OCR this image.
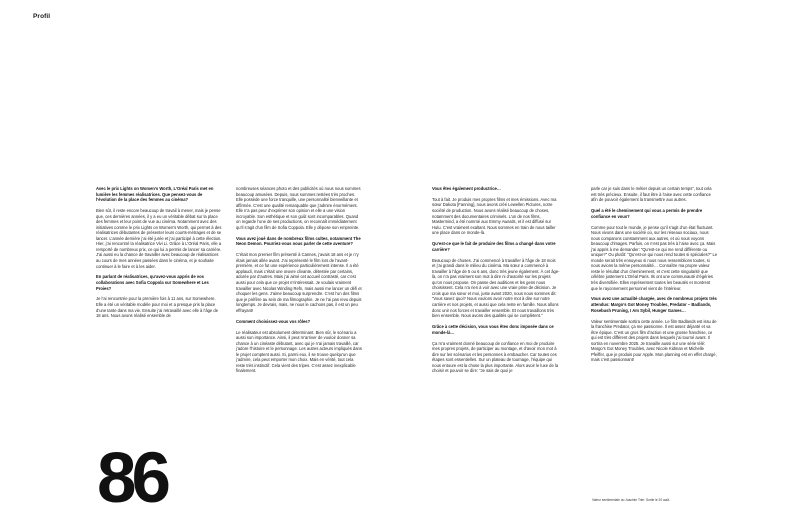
Profil

Avec le prix Lights on Women’s Worth, L’Oréal Paris met en lumière les femmes réalisatrices. Que pensez-vous de l’évolution de la place des femmes au cinéma?

Bien sûr, il reste encore beaucoup de travail à mener, mais je pense que, ces dernières années, il y a eu un véritable débat sur la place des femmes et leur point de vue au cinéma. Notamment avec des initiatives comme le prix Lights on Women’s Worth, qui permet à des réalisatrices débutantes de présenter leurs courts-métrages et de se lancer. L’année dernière j’ai été jurée et j’ai participé à cette élection. Hier, j’ai rencontré la réalisatrice Vivi Li. Grâce à L’Oréal Paris, elle a remporté de nombreux prix, ce qui lui a permis de lancer sa carrière. J’ai aussi eu la chance de travailler avec beaucoup de réalisatrices au cours de mes années passées dans le cinéma, et je souhaite continuer à le faire et à les aider.

En parlant de réalisatrices, qu’avez-vous appris de vos collaborations avec Sofia Coppola sur Somewhere et Les Proies?

Je l’ai rencontrée pour la première fois à 11 ans, sur Somewhere. Elle a été un véritable modèle pour moi et a presque pris la place d’une tante dans ma vie. Ensuite j’ai retravaillé avec elle à l’âge de 18 ans. Nous avons réalisé ensemble de

nombreuses séances photo et des publicités où nous nous sommes beaucoup amusées. Depuis, nous sommes restées très proches. Elle possède une force tranquille, une personnalité bienveillante et affirmée. C’est une qualité remarquable que j’admire énormément. Elle n’a pas peur d’exprimer son opinion et elle a une vision incroyable. Son esthétique et son goût sont incomparables. Quand on regarde l’une de ses productions, on reconnaît immédiatement qu’il s’agit d’un film de Sofia Coppola. Elle y dépose son empreinte.

Vous avez joué dans de nombreux films cultes, notamment The Neon Demon. Pourriez-vous nous parler de cette aventure?

C’était mon premier film présenté à Cannes, j’avais 18 ans et je n’y étais jamais allée avant. J’ai représenté le film lors de l’avant-première, et ce fut une expérience particulièrement intense. Il a été applaudi, mais c’était une œuvre clivante, détestée par certains, adorée par d’autres. Mais j’ai aimé cet accueil contrasté, car c’est aussi pour cela que ce projet m’intéressait. Je voulais vraiment travailler avec Nicolas Winding Refn, mais aussi me lancer un défi et choquer les gens. J’aime beaucoup surprendre. C’est l’un des films que je préfère au sein de ma filmographie. Je ne l’ai pas revu depuis longtemps. Je devrais, mais, ne nous le cachons pas, il est un peu effrayant!

Comment choisissez-vous vos rôles?

Le réalisateur est absolument déterminant. Bien sûr, le scénario a aussi son importance. Ainsi, il peut m’arriver de vouloir donner sa chance à un cinéaste débutant, avec qui je n’ai jamais travaillé, car j’adore l’histoire et le personnage. Les autres acteurs impliqués dans le projet comptent aussi. Si, parmi eux, il se trouve quelqu’un que j’admire, cela peut emporter mon choix. Mais en vérité, tout cela reste très instinctif. Cela vient des tripes. C’est assez inexplicable finalement.

Vous êtes également productrice…

Tout à fait. Je produis mes propres films et mes émissions. Avec ma sœur Dakota [Fanning], nous avons créé Lewellen Pictures, notre société de production. Nous avons réalisé beaucoup de choses, notamment des documentaires criminels. L’un de nos films, Mastermind, a été nommé aux Emmy Awards, et il est diffusé sur Hulu. C’est vraiment exaltant. Nous sommes en train de nous tailler une place dans ce monde-là.

Qu’est-ce que le fait de produire des films a changé dans votre carrière?

Beaucoup de choses. J’ai commencé à travailler à l’âge de 18 mois et j’ai grandi dans le milieu du cinéma. Ma sœur a commencé à travailler à l’âge de 5 ou 6 ans, donc très jeune également. À cet âge-là, on n’a pas vraiment son mot à dire ni d’autorité sur les projets qu’on nous propose. On passe des auditions et les gens nous choisissent. Cela n’a rien à voir avec une vraie prise de décision. Je crois que ma sœur et moi, juste avant 2020, nous nous sommes dit: “Vous savez quoi? Nous voulons avoir notre mot à dire sur notre carrière et nos projets, et aussi que cela reste en famille. Nous allons donc unir nos forces et travailler ensemble. Et nous travaillons très bien ensemble. Nous avons des qualités qui se complètent.”

Grâce à cette décision, vous vous êtes donc imposée dans ce monde-là…

Ça m’a vraiment donné beaucoup de confiance en moi de produire mes propres projets, de participer au montage, et d’avoir mon mot à dire sur les scénarios et les personnes à embaucher. Car toutes ces étapes sont essentielles. Sur un plateau de tournage, l’équipe qui nous entoure est la chose la plus importante. Alors avoir le luxe de la choisir et pouvoir se dire: “Je sais de quoi je

parle car je suis dans le métier depuis un certain temps”, tout cela est très précieux. Ensuite, il faut être à l’aise avec cette confiance afin de pouvoir également la transmettre aux autres.

Quel a été le cheminement qui vous a permis de prendre confiance en vous?

Comme pour tout le monde, je pense qu’il s’agit d’un état fluctuant. Nous vivons dans une société où, sur les réseaux sociaux, nous nous comparons constamment aux autres, et où nous voyons beaucoup d’images. Parfois, on n’est pas très à l’aise avec ça. Mais j’ai appris à me demander: “Qu’est-ce qui me rend différente ou unique?” Ou plutôt: “Qu’est-ce qui nous rend toutes si spéciales?” Le monde serait très ennuyeux si nous nous ressemblions toutes, si nous avions la même personnalité… Connaître ma propre valeur reste le résultat d’un cheminement, et c’est cette singularité que célèbre justement L’Oréal Paris. Ils ont une communauté d’égéries très diversifiée. Elles représentent toutes les beautés et montrent que le rayonnement personnel vient de l’intérieur.

Vous avez une actualité chargée, avec de nombreux projets très attendus: Margo’s Got Money Troubles, Predator – Badlands, Rosebush Pruning, I Am Sybil, Hunger Games…

Valeur sentimentale sortira cette année. Le film Badlands est issu de la franchise Predator, ça me passionne. Il est assez déjanté et va être épique. C’est un gros film d’action et une grosse franchise, ce qui est très différent des projets dans lesquels j’ai tourné avant. Il sortira en novembre 2025. Je travaille aussi sur une série télé: Margo’s Got Money Troubles, avec Nicole Kidman et Michelle Pfeiffer, que je produis pour Apple. Mon planning est en effet chargé, mais c’est passionnant!

86	Valeur sentimentale du Joachim Trier. Sortie le 20 août.
